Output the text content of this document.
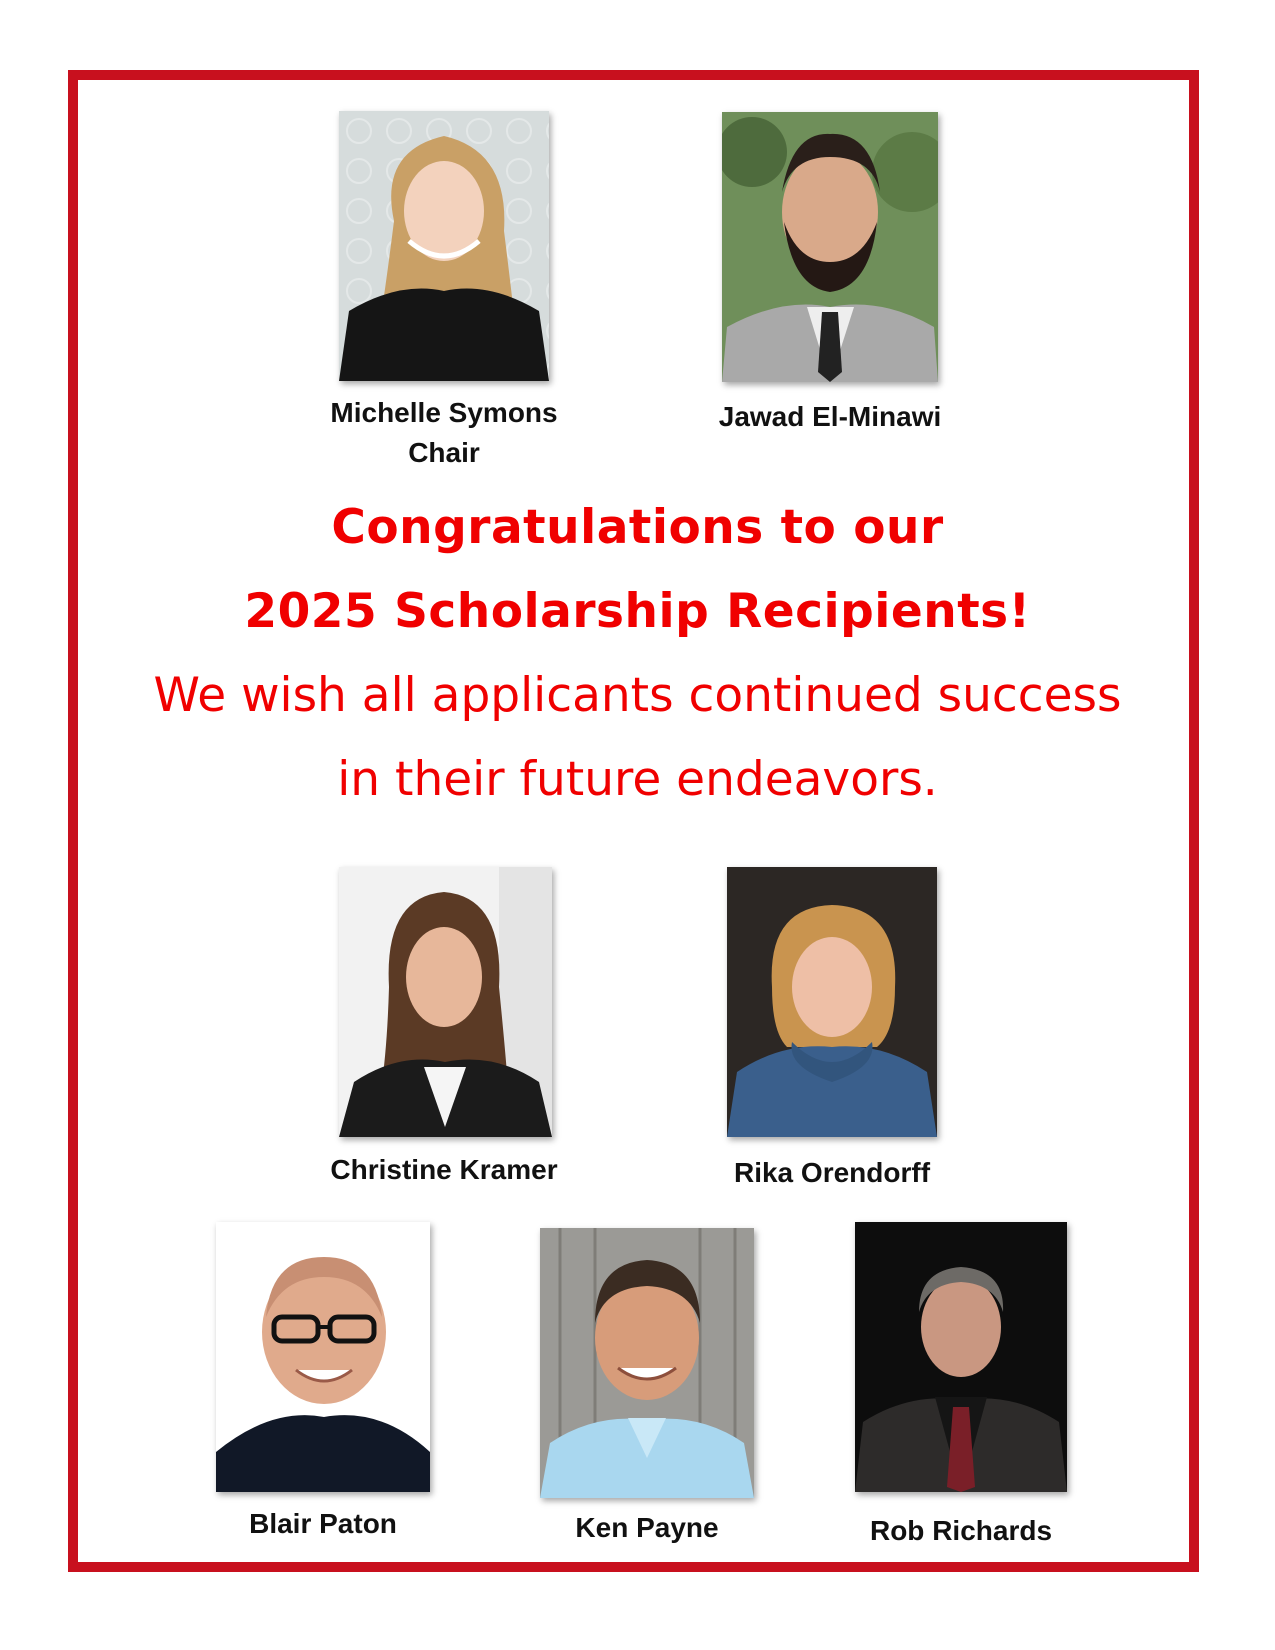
Michelle Symons
Chair
Jawad El-Minawi
Congratulations to our
2025 Scholarship Recipients!
We wish all applicants continued success
in their future endeavors.
Christine Kramer	Rika Orendorff
Blair Paton	Ken Payne	Rob Richards
